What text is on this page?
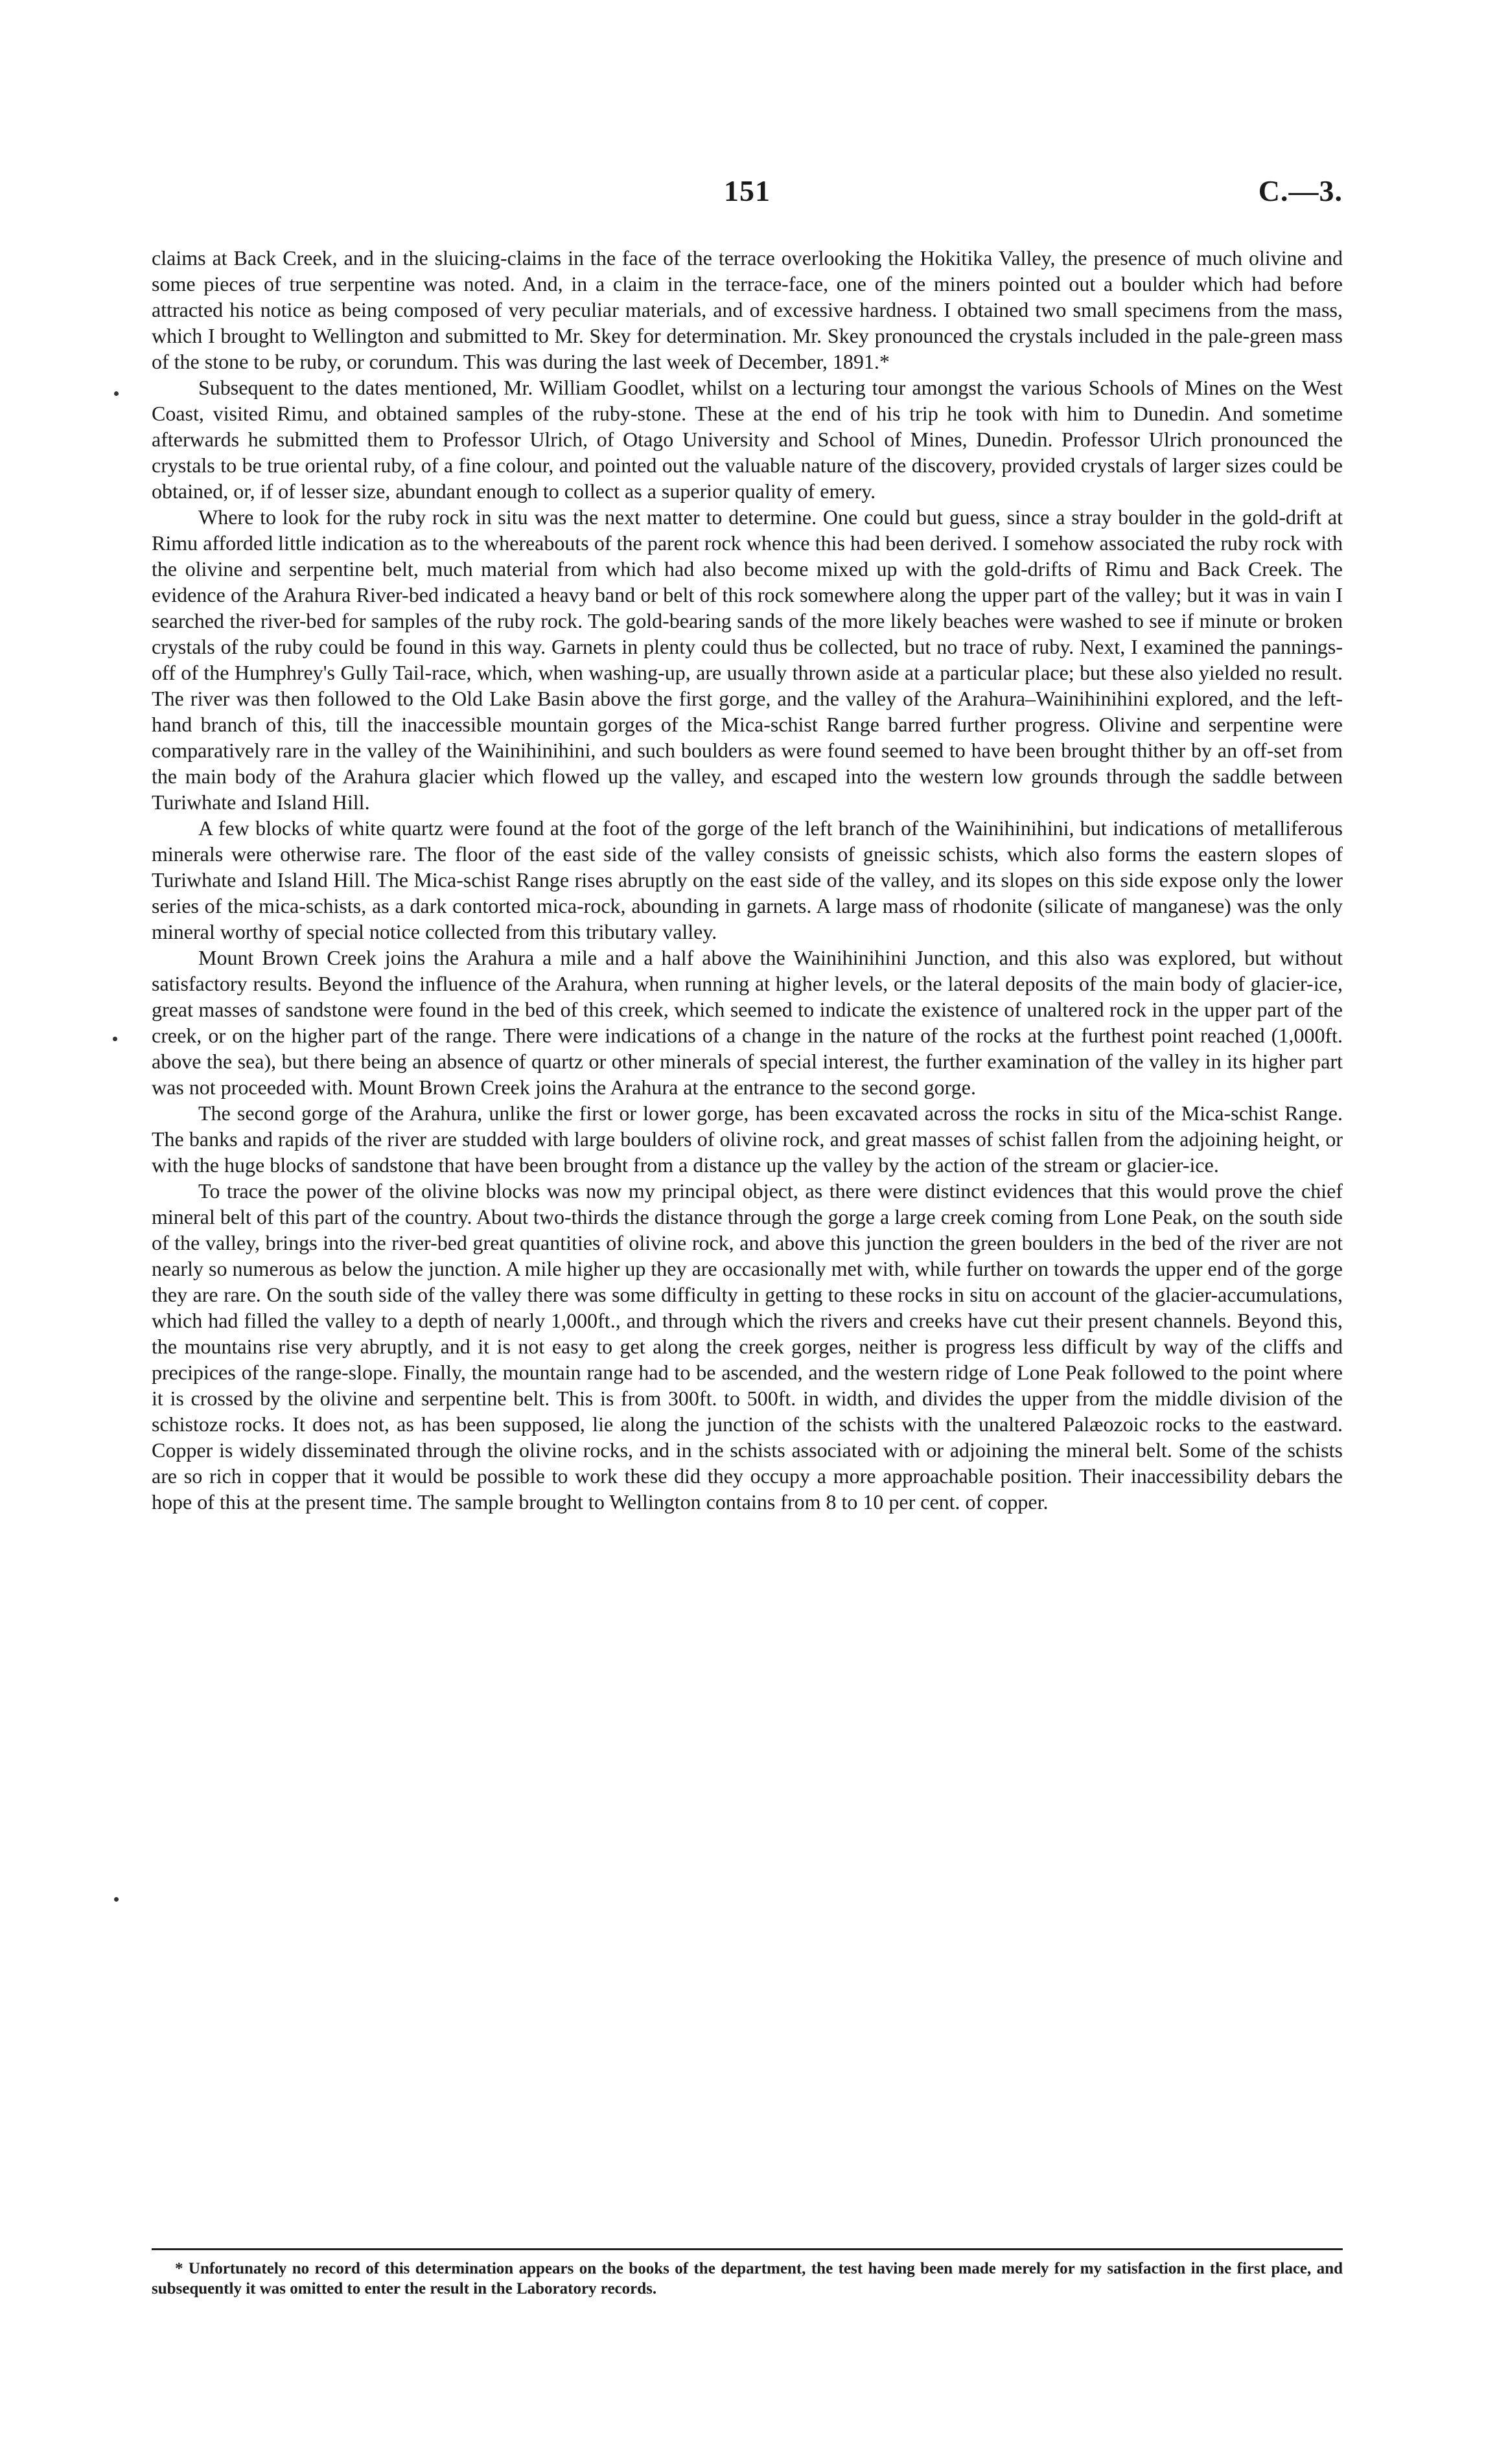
151	C.—3.

claims at Back Creek, and in the sluicing-claims in the face of the terrace overlooking the Hokitika Valley, the presence of much olivine and some pieces of true serpentine was noted. And, in a claim in the terrace-face, one of the miners pointed out a boulder which had before attracted his notice as being composed of very peculiar materials, and of excessive hardness. I obtained two small specimens from the mass, which I brought to Wellington and submitted to Mr. Skey for determination. Mr. Skey pronounced the crystals included in the pale-green mass of the stone to be ruby, or corundum. This was during the last week of December, 1891.*

Subsequent to the dates mentioned, Mr. William Goodlet, whilst on a lecturing tour amongst the various Schools of Mines on the West Coast, visited Rimu, and obtained samples of the ruby-stone. These at the end of his trip he took with him to Dunedin. And sometime afterwards he submitted them to Professor Ulrich, of Otago University and School of Mines, Dunedin. Professor Ulrich pronounced the crystals to be true oriental ruby, of a fine colour, and pointed out the valuable nature of the discovery, provided crystals of larger sizes could be obtained, or, if of lesser size, abundant enough to collect as a superior quality of emery.

Where to look for the ruby rock in situ was the next matter to determine. One could but guess, since a stray boulder in the gold-drift at Rimu afforded little indication as to the whereabouts of the parent rock whence this had been derived. I somehow associated the ruby rock with the olivine and serpentine belt, much material from which had also become mixed up with the gold-drifts of Rimu and Back Creek. The evidence of the Arahura River-bed indicated a heavy band or belt of this rock somewhere along the upper part of the valley; but it was in vain I searched the river-bed for samples of the ruby rock. The gold-bearing sands of the more likely beaches were washed to see if minute or broken crystals of the ruby could be found in this way. Garnets in plenty could thus be collected, but no trace of ruby. Next, I examined the pannings-off of the Humphrey's Gully Tail-race, which, when washing-up, are usually thrown aside at a particular place; but these also yielded no result. The river was then followed to the Old Lake Basin above the first gorge, and the valley of the Arahura–Wainihinihini explored, and the left-hand branch of this, till the inaccessible mountain gorges of the Mica-schist Range barred further progress. Olivine and serpentine were comparatively rare in the valley of the Wainihinihini, and such boulders as were found seemed to have been brought thither by an off-set from the main body of the Arahura glacier which flowed up the valley, and escaped into the western low grounds through the saddle between Turiwhate and Island Hill.

A few blocks of white quartz were found at the foot of the gorge of the left branch of the Wainihinihini, but indications of metalliferous minerals were otherwise rare. The floor of the east side of the valley consists of gneissic schists, which also forms the eastern slopes of Turiwhate and Island Hill. The Mica-schist Range rises abruptly on the east side of the valley, and its slopes on this side expose only the lower series of the mica-schists, as a dark contorted mica-rock, abounding in garnets. A large mass of rhodonite (silicate of manganese) was the only mineral worthy of special notice collected from this tributary valley.

Mount Brown Creek joins the Arahura a mile and a half above the Wainihinihini Junction, and this also was explored, but without satisfactory results. Beyond the influence of the Arahura, when running at higher levels, or the lateral deposits of the main body of glacier-ice, great masses of sandstone were found in the bed of this creek, which seemed to indicate the existence of unaltered rock in the upper part of the creek, or on the higher part of the range. There were indications of a change in the nature of the rocks at the furthest point reached (1,000ft. above the sea), but there being an absence of quartz or other minerals of special interest, the further examination of the valley in its higher part was not proceeded with. Mount Brown Creek joins the Arahura at the entrance to the second gorge.

The second gorge of the Arahura, unlike the first or lower gorge, has been excavated across the rocks in situ of the Mica-schist Range. The banks and rapids of the river are studded with large boulders of olivine rock, and great masses of schist fallen from the adjoining height, or with the huge blocks of sandstone that have been brought from a distance up the valley by the action of the stream or glacier-ice.

To trace the power of the olivine blocks was now my principal object, as there were distinct evidences that this would prove the chief mineral belt of this part of the country. About two-thirds the distance through the gorge a large creek coming from Lone Peak, on the south side of the valley, brings into the river-bed great quantities of olivine rock, and above this junction the green boulders in the bed of the river are not nearly so numerous as below the junction. A mile higher up they are occasionally met with, while further on towards the upper end of the gorge they are rare. On the south side of the valley there was some difficulty in getting to these rocks in situ on account of the glacier-accumulations, which had filled the valley to a depth of nearly 1,000ft., and through which the rivers and creeks have cut their present channels. Beyond this, the mountains rise very abruptly, and it is not easy to get along the creek gorges, neither is progress less difficult by way of the cliffs and precipices of the range-slope. Finally, the mountain range had to be ascended, and the western ridge of Lone Peak followed to the point where it is crossed by the olivine and serpentine belt. This is from 300ft. to 500ft. in width, and divides the upper from the middle division of the schistoze rocks. It does not, as has been supposed, lie along the junction of the schists with the unaltered Palæozoic rocks to the eastward. Copper is widely disseminated through the olivine rocks, and in the schists associated with or adjoining the mineral belt. Some of the schists are so rich in copper that it would be possible to work these did they occupy a more approachable position. Their inaccessibility debars the hope of this at the present time. The sample brought to Wellington contains from 8 to 10 per cent. of copper.

* Unfortunately no record of this determination appears on the books of the department, the test having been made merely for my satisfaction in the first place, and subsequently it was omitted to enter the result in the Laboratory records.
